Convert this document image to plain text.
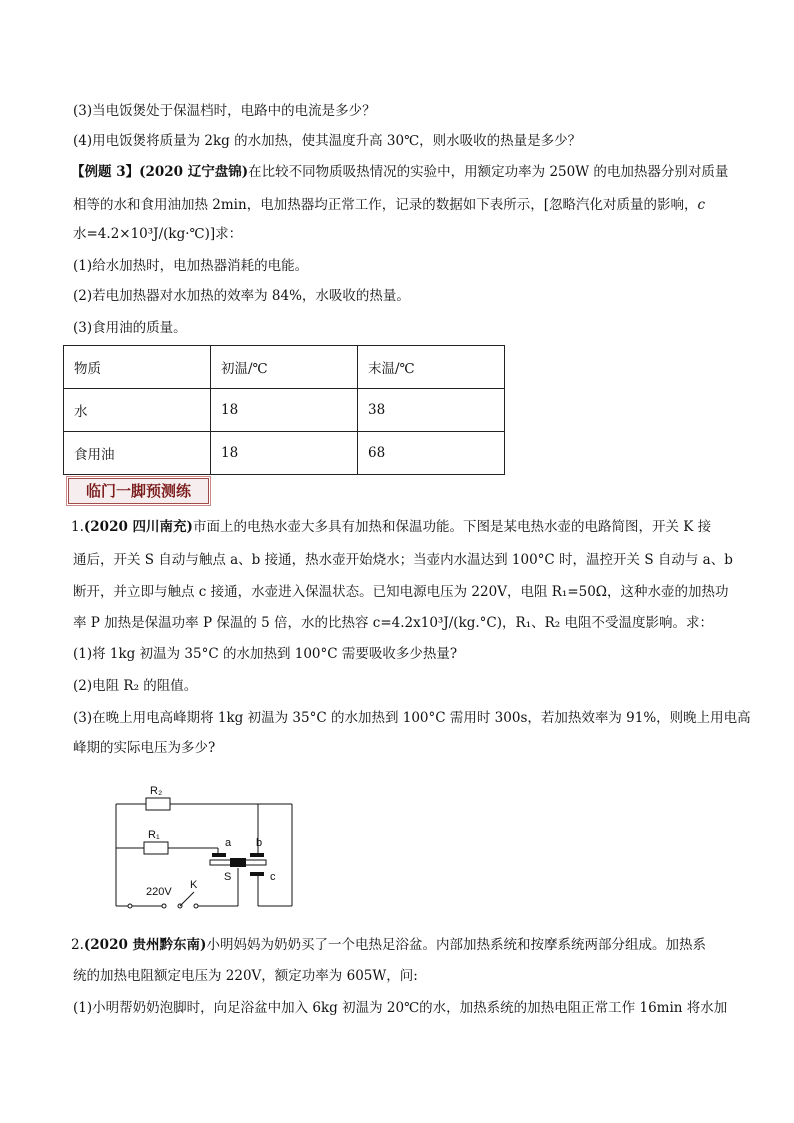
(3)当电饭煲处于保温档时，电路中的电流是多少？
(4)用电饭煲将质量为 2kg 的水加热，使其温度升高 30℃，则水吸收的热量是多少？
【例题 3】(2020 辽宁盘锦)在比较不同物质吸热情况的实验中，用额定功率为 250W 的电加热器分别对质量
相等的水和食用油加热 2min，电加热器均正常工作，记录的数据如下表所示，[忽略汽化对质量的影响，c
水=4.2×10³J/(kg·℃)]求：
(1)给水加热时，电加热器消耗的电能。
(2)若电加热器对水加热的效率为 84%，水吸收的热量。
(3)食用油的质量。
物质	初温/℃	末温/℃
水	18	38
食用油	18	68
临门一脚预测练
1.(2020 四川南充)市面上的电热水壶大多具有加热和保温功能。下图是某电热水壶的电路简图，开关 K 接
通后，开关 S 自动与触点 a、b 接通，热水壶开始烧水；当壶内水温达到 100°C 时，温控开关 S 自动与 a、b
断开，并立即与触点 c 接通，水壶进入保温状态。已知电源电压为 220V，电阻 R₁=50Ω，这种水壶的加热功
率 P 加热是保温功率 P 保温的 5 倍，水的比热容 c=4.2x10³J/(kg.°C)，R₁、R₂ 电阻不受温度影响。求：
(1)将 1kg 初温为 35°C 的水加热到 100°C 需要吸收多少热量?
(2)电阻 R₂ 的阻值。
(3)在晚上用电高峰期将 1kg 初温为 35°C 的水加热到 100°C 需用时 300s，若加热效率为 91%，则晚上用电高
峰期的实际电压为多少?
R₂
R₁
a b
S	c
220V
K
2.(2020 贵州黔东南)小明妈妈为奶奶买了一个电热足浴盆。内部加热系统和按摩系统两部分组成。加热系
统的加热电阻额定电压为 220V，额定功率为 605W，问:
(1)小明帮奶奶泡脚时，向足浴盆中加入 6kg 初温为 20℃的水，加热系统的加热电阻正常工作 16min 将水加
